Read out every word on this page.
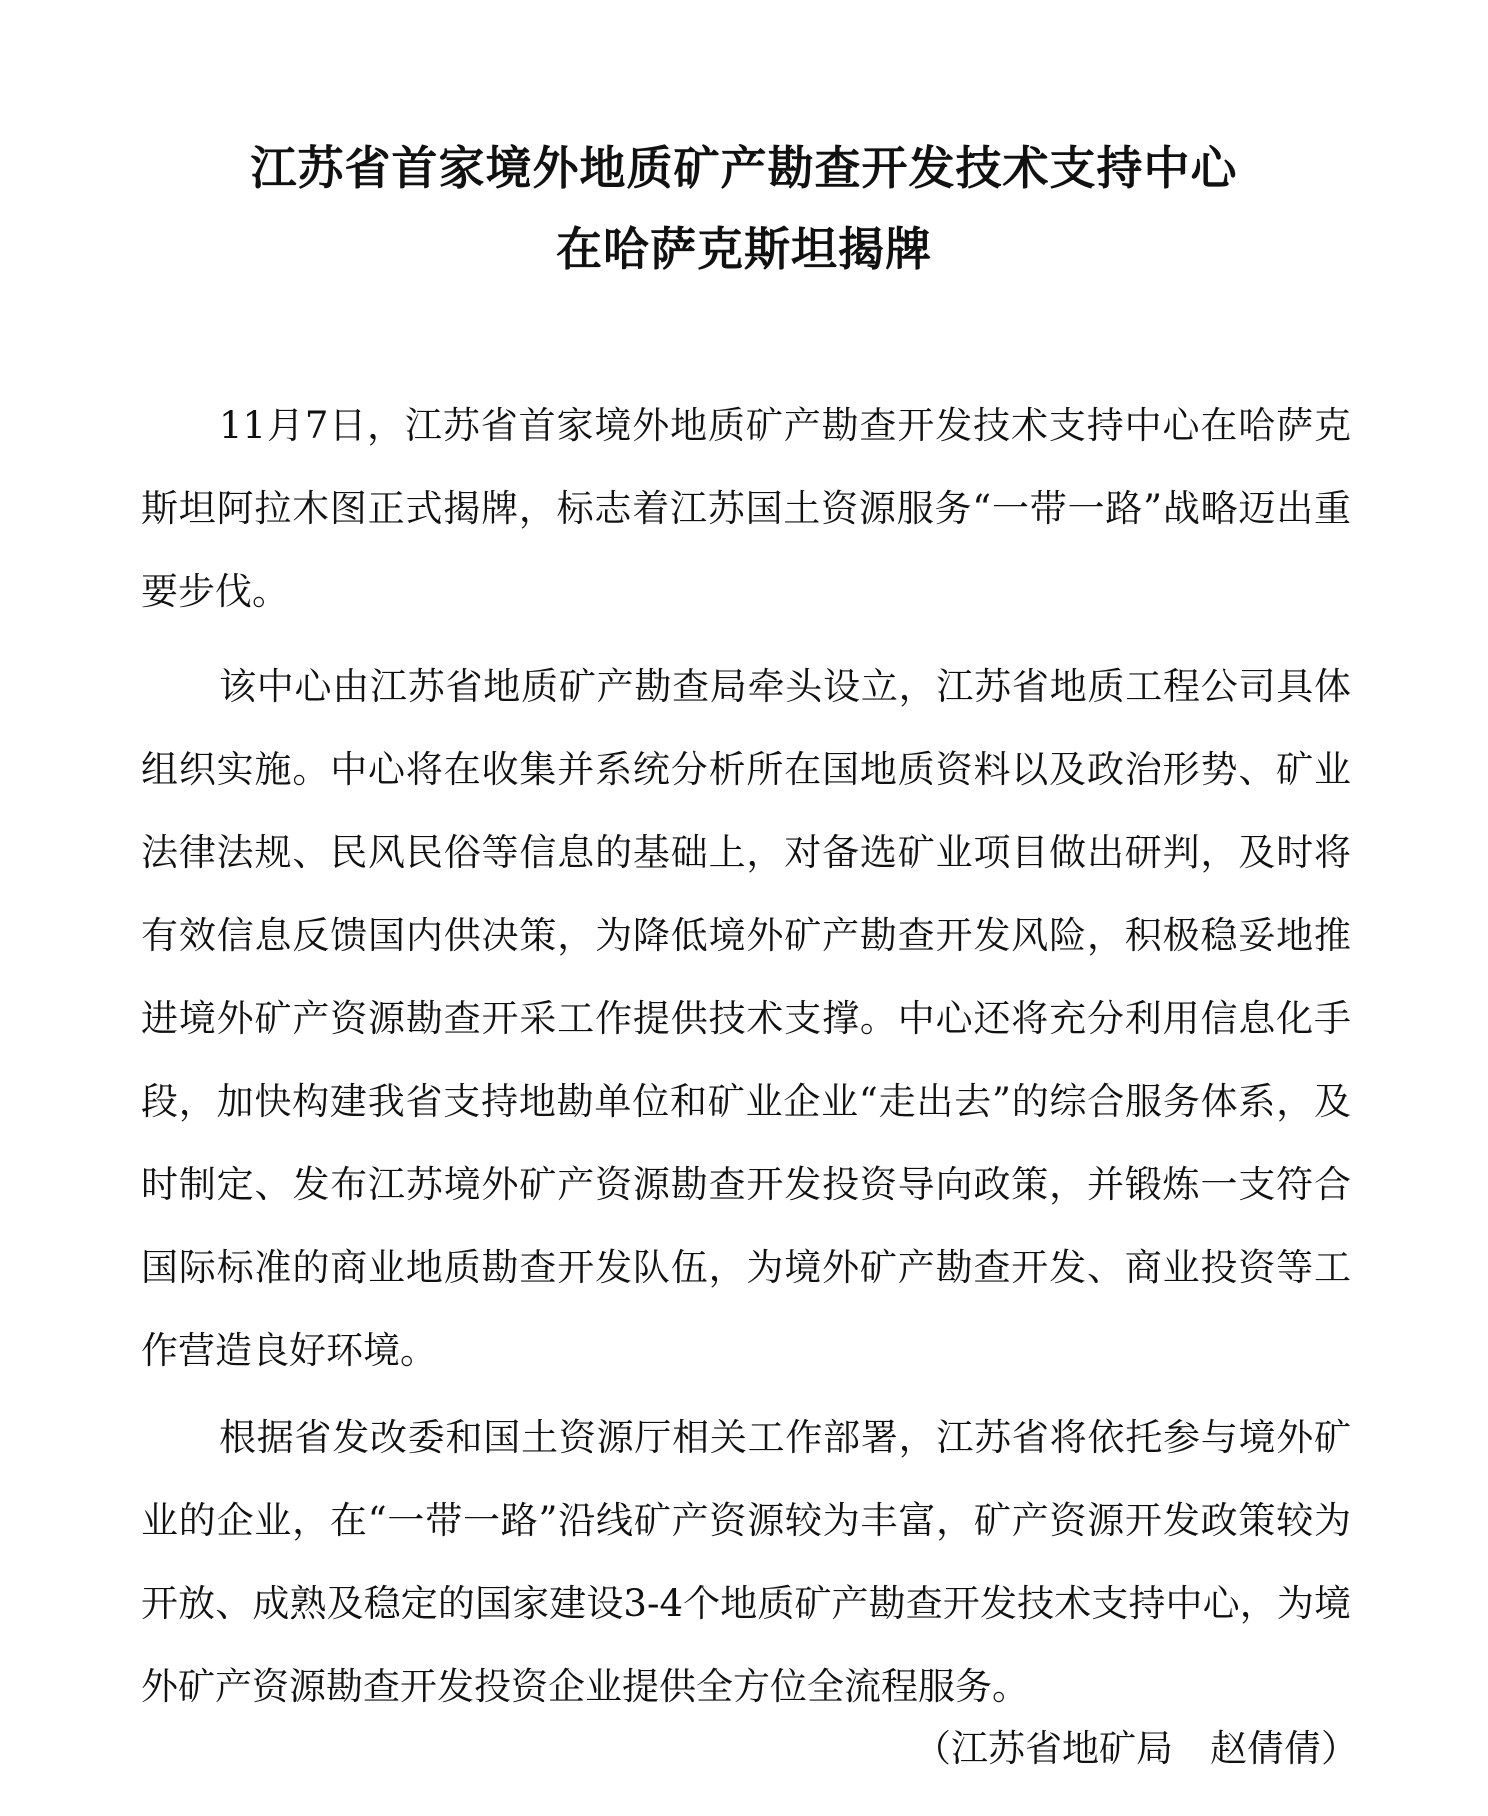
江苏省首家境外地质矿产勘查开发技术支持中心
在哈萨克斯坦揭牌

11月7日，江苏省首家境外地质矿产勘查开发技术支持中心在哈萨克斯坦阿拉木图正式揭牌，标志着江苏国土资源服务“一带一路”战略迈出重要步伐。

该中心由江苏省地质矿产勘查局牵头设立，江苏省地质工程公司具体组织实施。中心将在收集并系统分析所在国地质资料以及政治形势、矿业法律法规、民风民俗等信息的基础上，对备选矿业项目做出研判，及时将有效信息反馈国内供决策，为降低境外矿产勘查开发风险，积极稳妥地推进境外矿产资源勘查开采工作提供技术支撑。中心还将充分利用信息化手段，加快构建我省支持地勘单位和矿业企业“走出去”的综合服务体系，及时制定、发布江苏境外矿产资源勘查开发投资导向政策，并锻炼一支符合国际标准的商业地质勘查开发队伍，为境外矿产勘查开发、商业投资等工作营造良好环境。

根据省发改委和国土资源厅相关工作部署，江苏省将依托参与境外矿业的企业，在“一带一路”沿线矿产资源较为丰富，矿产资源开发政策较为开放、成熟及稳定的国家建设3-4个地质矿产勘查开发技术支持中心，为境外矿产资源勘查开发投资企业提供全方位全流程服务。

（江苏省地矿局　赵倩倩）
